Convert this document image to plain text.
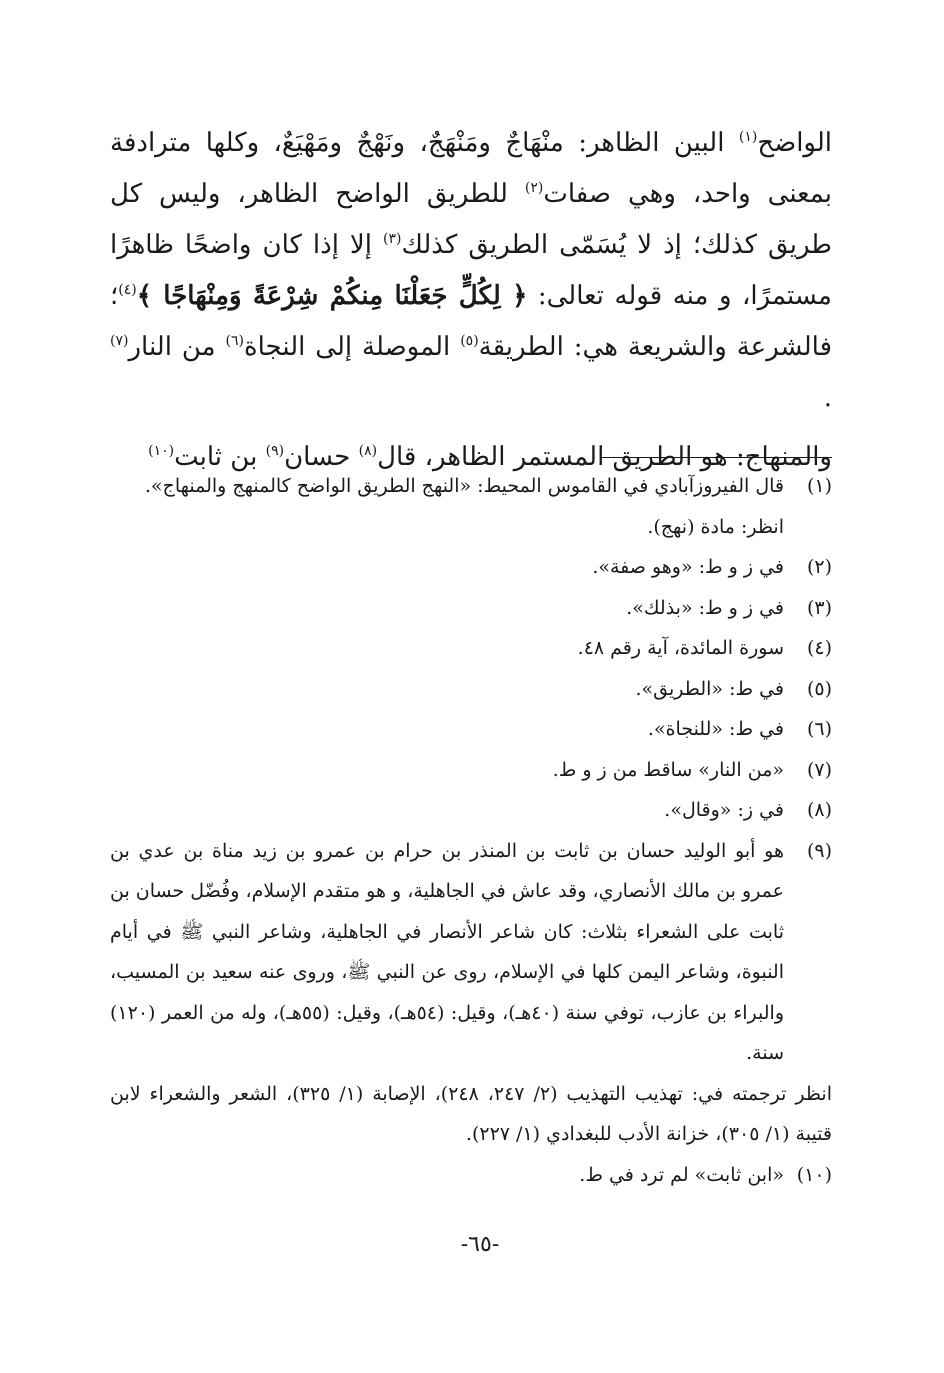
الواضح$^{(١)}$ البين الظاهر: منْهَاجٌ ومَنْهَجٌ، ونَهْجٌ ومَهْيَعٌ، وكلها مترادفة بمعنى واحد، وهي صفات$^{(٢)}$ للطريق الواضح الظاهر، وليس كل طريق كذلك؛ إذ لا يُسَمّى الطريق كذلك$^{(٣)}$ إلا إذا كان واضحًا ظاهرًا مستمرًا، و منه قوله تعالى: ﴿ لِكُلٍّ جَعَلْنَا مِنكُمْ شِرْعَةً وَمِنْهَاجًا ﴾$^{(٤)}$؛ فالشرعة والشريعة هي: الطريقة$^{(٥)}$ الموصلة إلى النجاة$^{(٦)}$ من النار$^{(٧)}$ .

والمنهاج: هو الطريق المستمر الظاهر، قال$^{(٨)}$ حسان$^{(٩)}$ بن ثابت$^{(١٠)}$

(١)
قال الفيروزآبادي في القاموس المحيط: «النهج الطريق الواضح كالمنهج والمنهاج».
انظر: مادة (نهج).
(٢)
في ز و ط: «وهو صفة».
(٣)
في ز و ط: «بذلك».
(٤)
سورة المائدة، آية رقم ٤٨.
(٥)
في ط: «الطريق».
(٦)
في ط: «للنجاة».
(٧)
«من النار» ساقط من ز و ط.
(٨)
في ز: «وقال».
(٩)
هو أبو الوليد حسان بن ثابت بن المنذر بن حرام بن عمرو بن زيد مناة بن عدي بن عمرو بن مالك الأنصاري، وقد عاش في الجاهلية، و هو متقدم الإسلام، وفُضّل حسان بن ثابت على الشعراء بثلاث: كان شاعر الأنصار في الجاهلية، وشاعر النبي ﷺ في أيام النبوة، وشاعر اليمن كلها في الإسلام، روى عن النبي ﷺ، وروى عنه سعيد بن المسيب، والبراء بن عازب، توفي سنة (٤٠هـ)، وقيل: (٥٤هـ)، وقيل: (٥٥هـ)، وله من العمر (١٢٠) سنة.
انظر ترجمته في: تهذيب التهذيب (٢/ ٢٤٧، ٢٤٨)، الإصابة (١/ ٣٢٥)، الشعر والشعراء لابن قتيبة (١/ ٣٠٥)، خزانة الأدب للبغدادي (١/ ٢٢٧).
(١٠)
«ابن ثابت» لم ترد في ط.
-٦٥-
